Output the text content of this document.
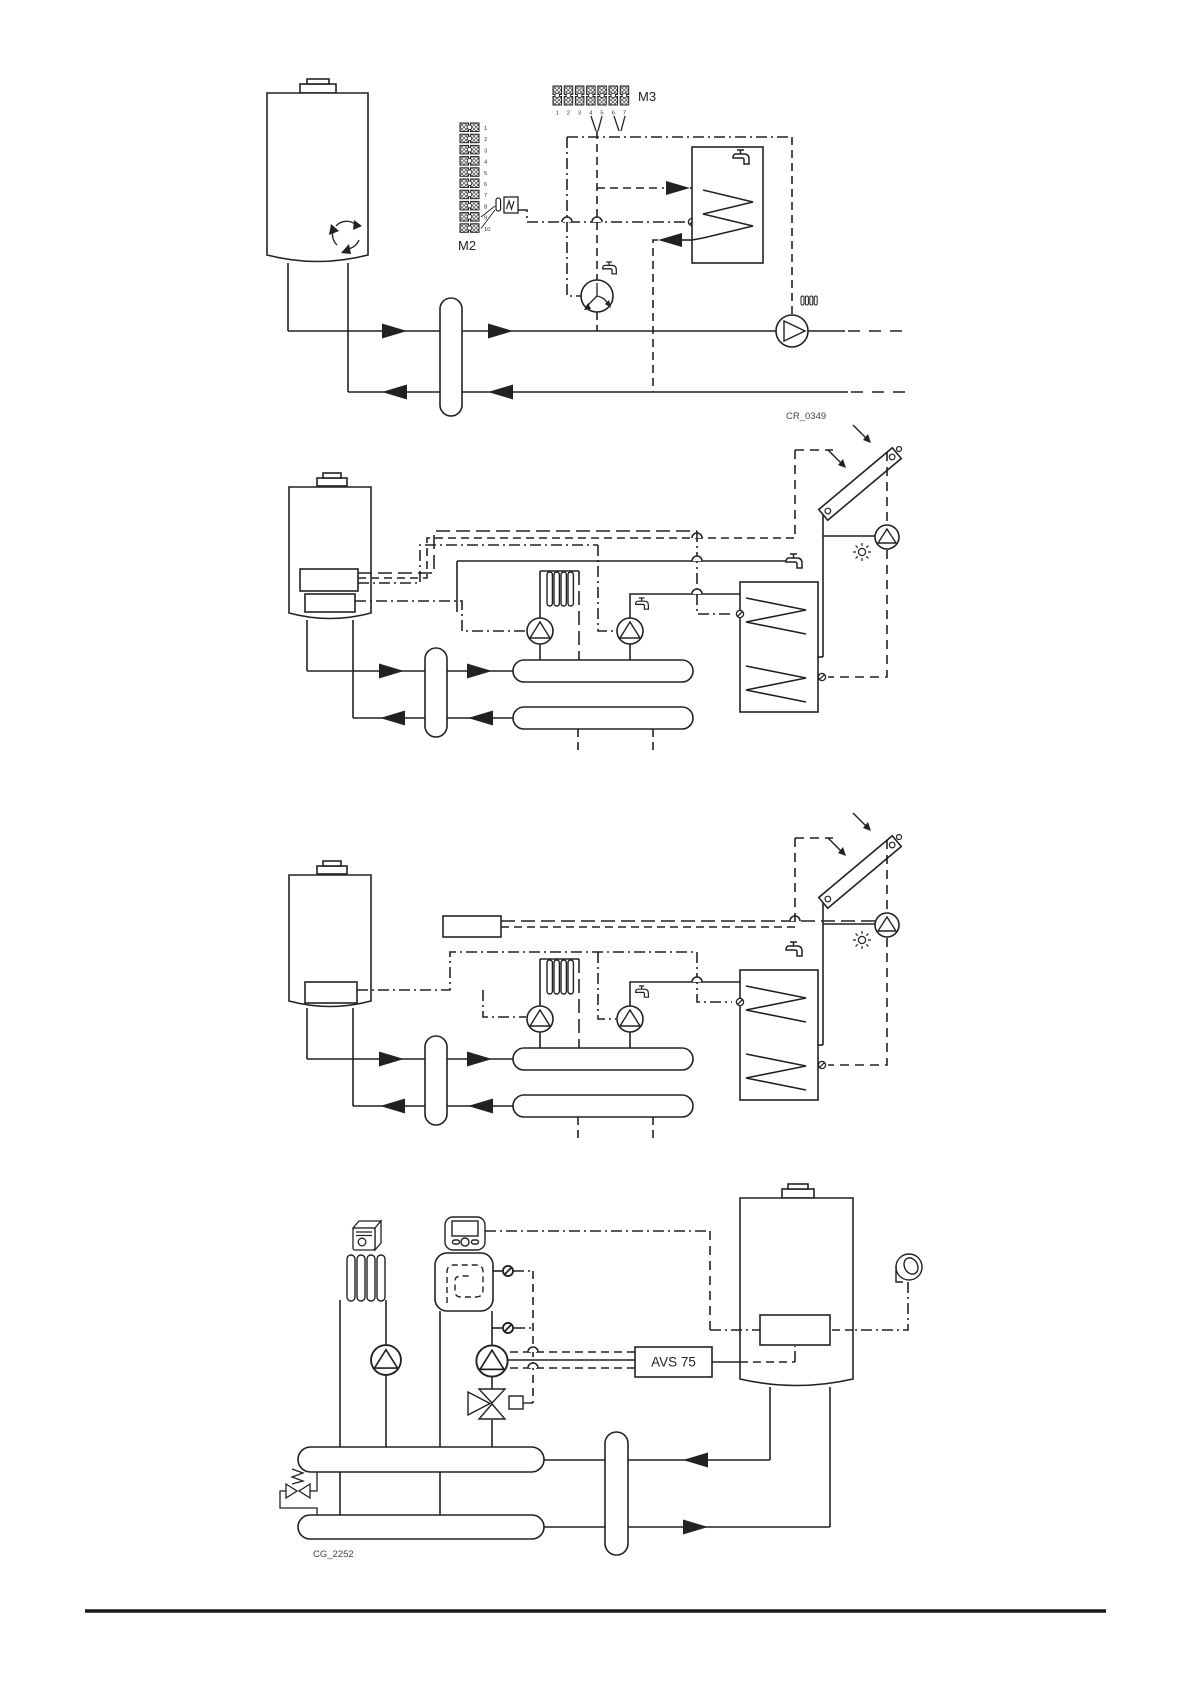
1
2
3
4
5
6
7
8
9
10
M2
1 2 3 4 5 6 7
M3
CR_0349
AVS 75
CG_2252
